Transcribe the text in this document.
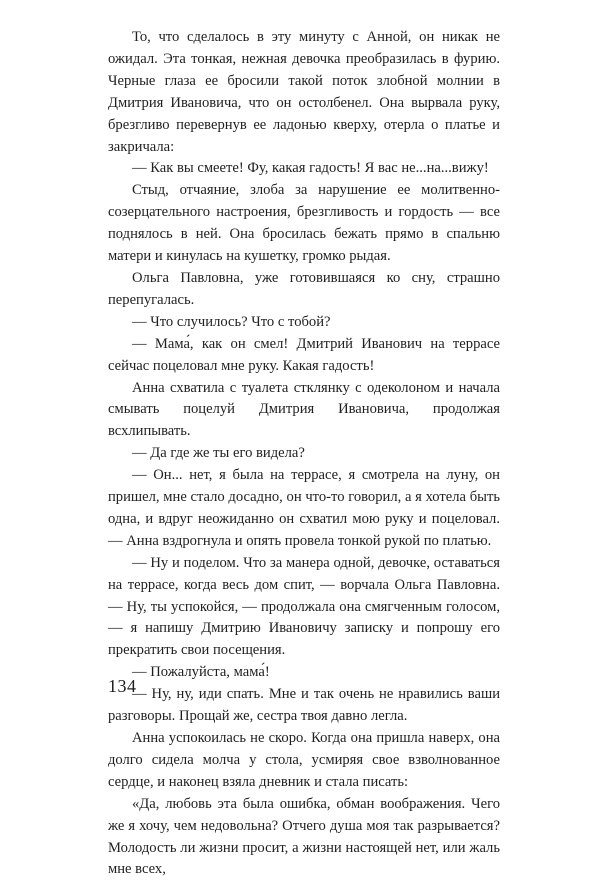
То, что сделалось в эту минуту с Анной, он никак не ожидал. Эта тонкая, нежная девочка преобразилась в фурию. Черные глаза ее бросили такой поток злобной молнии в Дмитрия Ивановича, что он остолбенел. Она вырвала руку, брезгливо перевернув ее ладонью кверху, отерла о платье и закричала:

— Как вы смеете! Фу, какая гадость! Я вас не...на...вижу!

Стыд, отчаяние, злоба за нарушение ее молитвенно-созерцательного настроения, брезгливость и гордость — все поднялось в ней. Она бросилась бежать прямо в спальню матери и кинулась на кушетку, громко рыдая.

Ольга Павловна, уже готовившаяся ко сну, страшно перепугалась.

— Что случилось? Что с тобой?

— Мама́, как он смел! Дмитрий Иванович на террасе сейчас поцеловал мне руку. Какая гадость!

Анна схватила с туалета стклянку с одеколоном и начала смывать поцелуй Дмитрия Ивановича, продолжая всхлипывать.

— Да где же ты его видела?

— Он... нет, я была на террасе, я смотрела на луну, он пришел, мне стало досадно, он что-то говорил, а я хотела быть одна, и вдруг неожиданно он схватил мою руку и поцеловал. — Анна вздрогнула и опять провела тонкой рукой по платью.

— Ну и поделом. Что за манера одной, девочке, оставаться на террасе, когда весь дом спит, — ворчала Ольга Павловна. — Ну, ты успокойся, — продолжала она смягченным голосом, — я напишу Дмитрию Ивановичу записку и попрошу его прекратить свои посещения.

— Пожалуйста, мама́!

— Ну, ну, иди спать. Мне и так очень не нравились ваши разговоры. Прощай же, сестра твоя давно легла.

Анна успокоилась не скоро. Когда она пришла наверх, она долго сидела молча у стола, усмиряя свое взволнованное сердце, и наконец взяла дневник и стала писать:

«Да, любовь эта была ошибка, обман воображения. Чего же я хочу, чем недовольна? Отчего душа моя так разрывается? Молодость ли жизни просит, а жизни настоящей нет, или жаль мне всех,

134
